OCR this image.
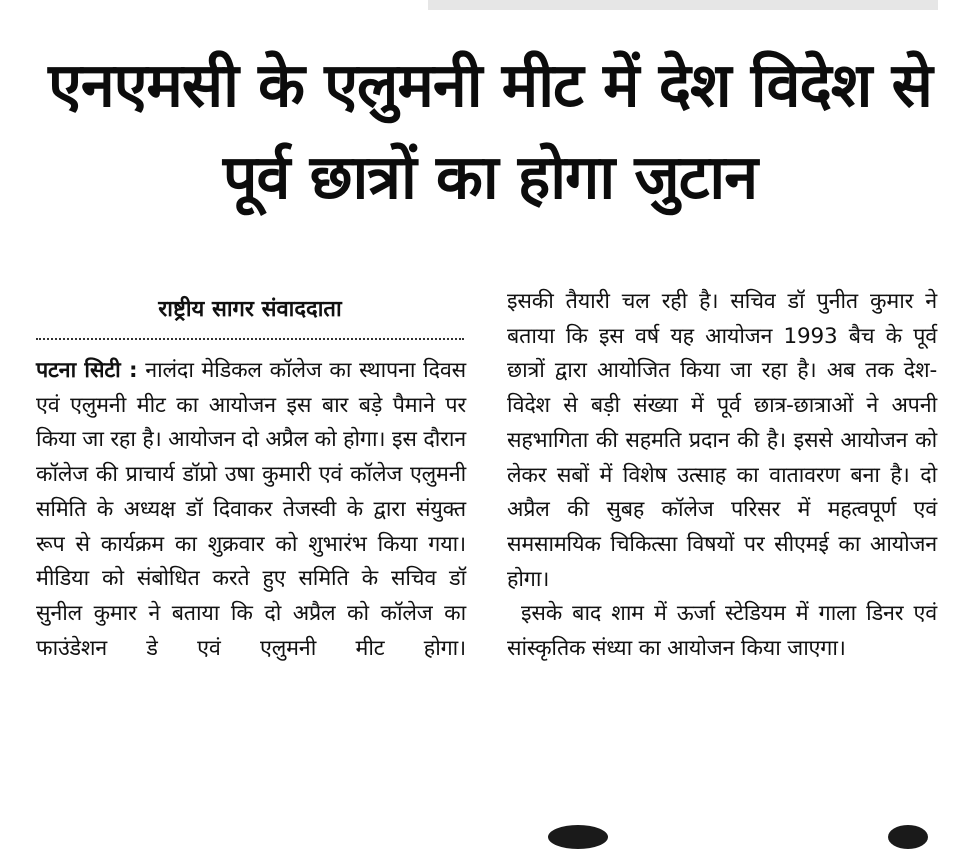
एनएमसी के एलुमनी मीट में देश विदेश से पूर्व छात्रों का होगा जुटान
राष्ट्रीय सागर संवाददाता

पटना सिटी : नालंदा मेडिकल कॉलेज का स्थापना दिवस एवं एलुमनी मीट का आयोजन इस बार बड़े पैमाने पर किया जा रहा है। आयोजन दो अप्रैल को होगा। इस दौरान कॉलेज की प्राचार्य डॉप्रो उषा कुमारी एवं कॉलेज एलुमनी समिति के अध्यक्ष डॉ दिवाकर तेजस्वी के द्वारा संयुक्त रूप से कार्यक्रम का शुक्रवार को शुभारंभ किया गया। मीडिया को संबोधित करते हुए समिति के सचिव डॉ सुनील कुमार ने बताया कि दो अप्रैल को कॉलेज का फाउंडेशन डे एवं एलुमनी मीट होगा।

इसकी तैयारी चल रही है। सचिव डॉ पुनीत कुमार ने बताया कि इस वर्ष यह आयोजन 1993 बैच के पूर्व छात्रों द्वारा आयोजित किया जा रहा है। अब तक देश-विदेश से बड़ी संख्या में पूर्व छात्र-छात्राओं ने अपनी सहभागिता की सहमति प्रदान की है। इससे आयोजन को लेकर सबों में विशेष उत्साह का वातावरण बना है। दो अप्रैल की सुबह कॉलेज परिसर में महत्वपूर्ण एवं समसामयिक चिकित्सा विषयों पर सीएमई का आयोजन होगा।
इसके बाद शाम में ऊर्जा स्टेडियम में गाला डिनर एवं सांस्कृतिक संध्या का आयोजन किया जाएगा।
